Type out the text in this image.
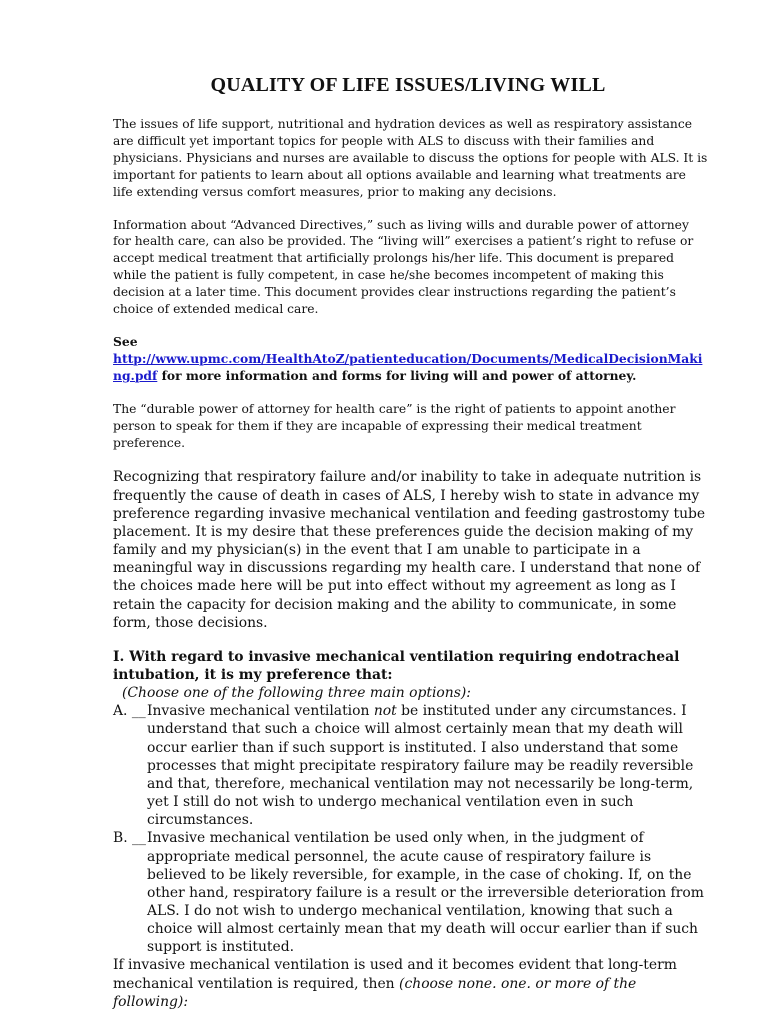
QUALITY OF LIFE ISSUES/LIVING WILL

The issues of life support, nutritional and hydration devices as well as respiratory assistance are difficult yet important topics for people with ALS to discuss with their families and physicians. Physicians and nurses are available to discuss the options for people with ALS. It is important for patients to learn about all options available and learning what treatments are life extending versus comfort measures, prior to making any decisions.

Information about “Advanced Directives,” such as living wills and durable power of attorney for health care, can also be provided. The “living will” exercises a patient’s right to refuse or accept medical treatment that artificially prolongs his/her life. This document is prepared while the patient is fully competent, in case he/she becomes incompetent of making this decision at a later time. This document provides clear instructions regarding the patient’s choice of extended medical care.

See
http://www.upmc.com/HealthAtoZ/patienteducation/Documents/MedicalDecisionMaking.pdf for more information and forms for living will and power of attorney.

The “durable power of attorney for health care” is the right of patients to appoint another person to speak for them if they are incapable of expressing their medical treatment preference.

Recognizing that respiratory failure and/or inability to take in adequate nutrition is frequently the cause of death in cases of ALS, I hereby wish to state in advance my preference regarding invasive mechanical ventilation and feeding gastrostomy tube placement. It is my desire that these preferences guide the decision making of my family and my physician(s) in the event that I am unable to participate in a meaningful way in discussions regarding my health care. I understand that none of the choices made here will be put into effect without my agreement as long as I retain the capacity for decision making and the ability to communicate, in some form, those decisions.

I. With regard to invasive mechanical ventilation requiring endotracheal intubation, it is my preference that:

(Choose one of the following three main options):

A. __ Invasive mechanical ventilation not be instituted under any circumstances. I understand that such a choice will almost certainly mean that my death will occur earlier than if such support is instituted. I also understand that some processes that might precipitate respiratory failure may be readily reversible and that, therefore, mechanical ventilation may not necessarily be long-term, yet I still do not wish to undergo mechanical ventilation even in such circumstances.
B. __ Invasive mechanical ventilation be used only when, in the judgment of appropriate medical personnel, the acute cause of respiratory failure is believed to be likely reversible, for example, in the case of choking. If, on the other hand, respiratory failure is a result or the irreversible deterioration from ALS. I do not wish to undergo mechanical ventilation, knowing that such a choice will almost certainly mean that my death will occur earlier than if such support is instituted.

If invasive mechanical ventilation is used and it becomes evident that long-term mechanical ventilation is required, then (choose none. one. or more of the following):
